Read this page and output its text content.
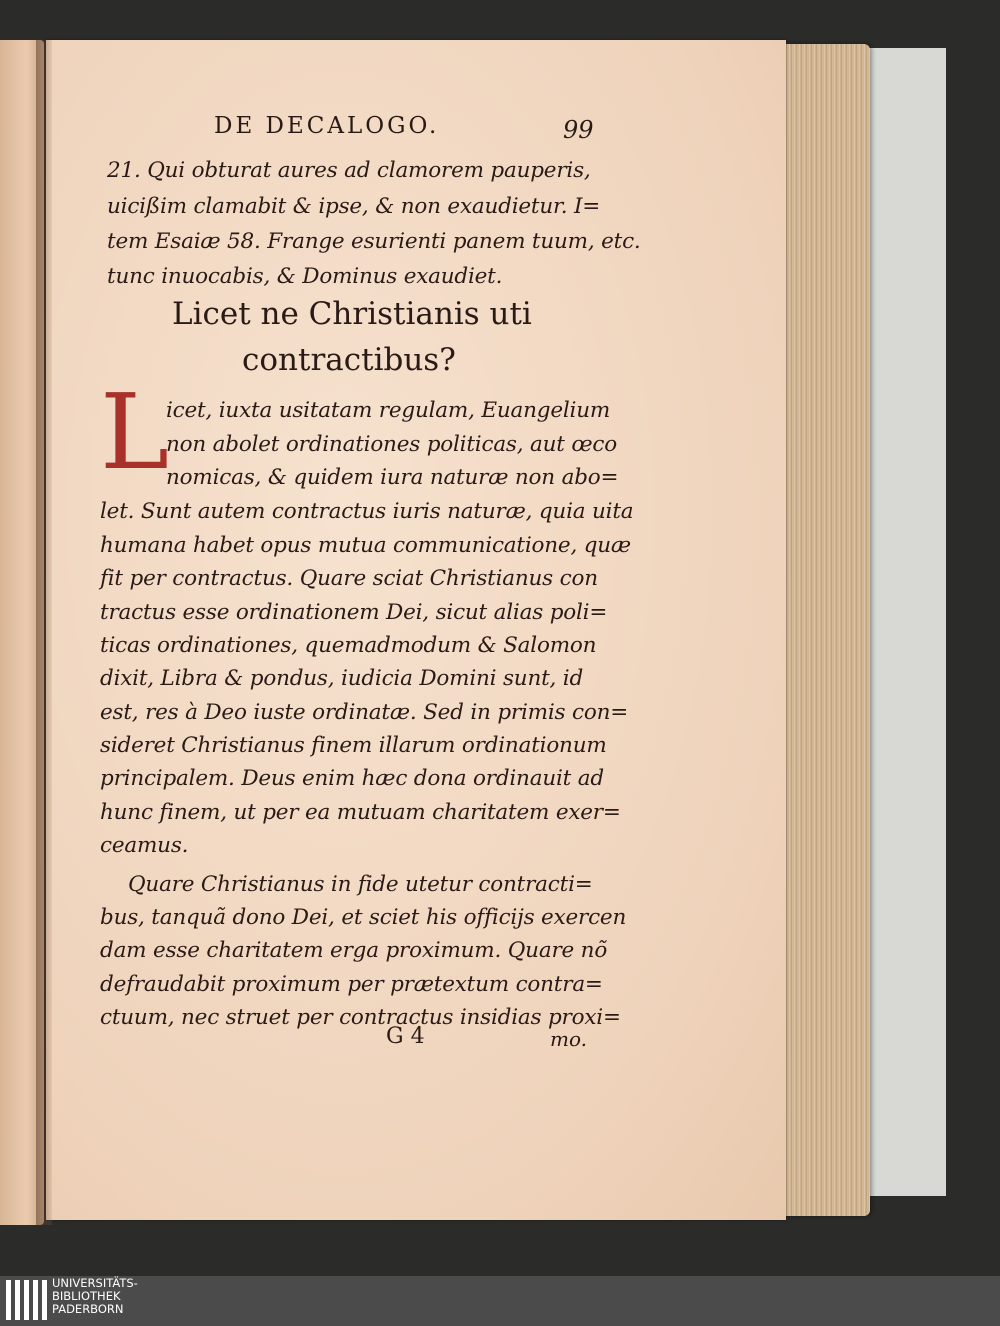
DE DECALOGO.	99
21. Qui obturat aures ad clamorem pauperis,
uicißim clamabit & ipse, & non exaudietur. I=
tem Esaiæ 58. Frange esurienti panem tuum, etc.
tunc inuocabis, & Dominus exaudiet.
Licet ne Christianis uti
contractibus?
L
icet, iuxta usitatam regulam, Euangelium
non abolet ordinationes politicas, aut œco
nomicas, & quidem iura naturæ non abo=
let. Sunt autem contractus iuris naturæ, quia uita
humana habet opus mutua communicatione, quæ
fit per contractus. Quare sciat Christianus con
tractus esse ordinationem Dei, sicut alias poli=
ticas ordinationes, quemadmodum & Salomon
dixit, Libra & pondus, iudicia Domini sunt, id
est, res à Deo iuste ordinatæ. Sed in primis con=
sideret Christianus finem illarum ordinationum
principalem. Deus enim hæc dona ordinauit ad
hunc finem, ut per ea mutuam charitatem exer=
ceamus.
Quare Christianus in fide utetur contracti=
bus, tanquã dono Dei, et sciet his officijs exercen
dam esse charitatem erga proximum. Quare nõ
defraudabit proximum per prætextum contra=
ctuum, nec struet per contractus insidias proxi=
G 4	mo.
UNIVERSITÄTS-
BIBLIOTHEK
PADERBORN
